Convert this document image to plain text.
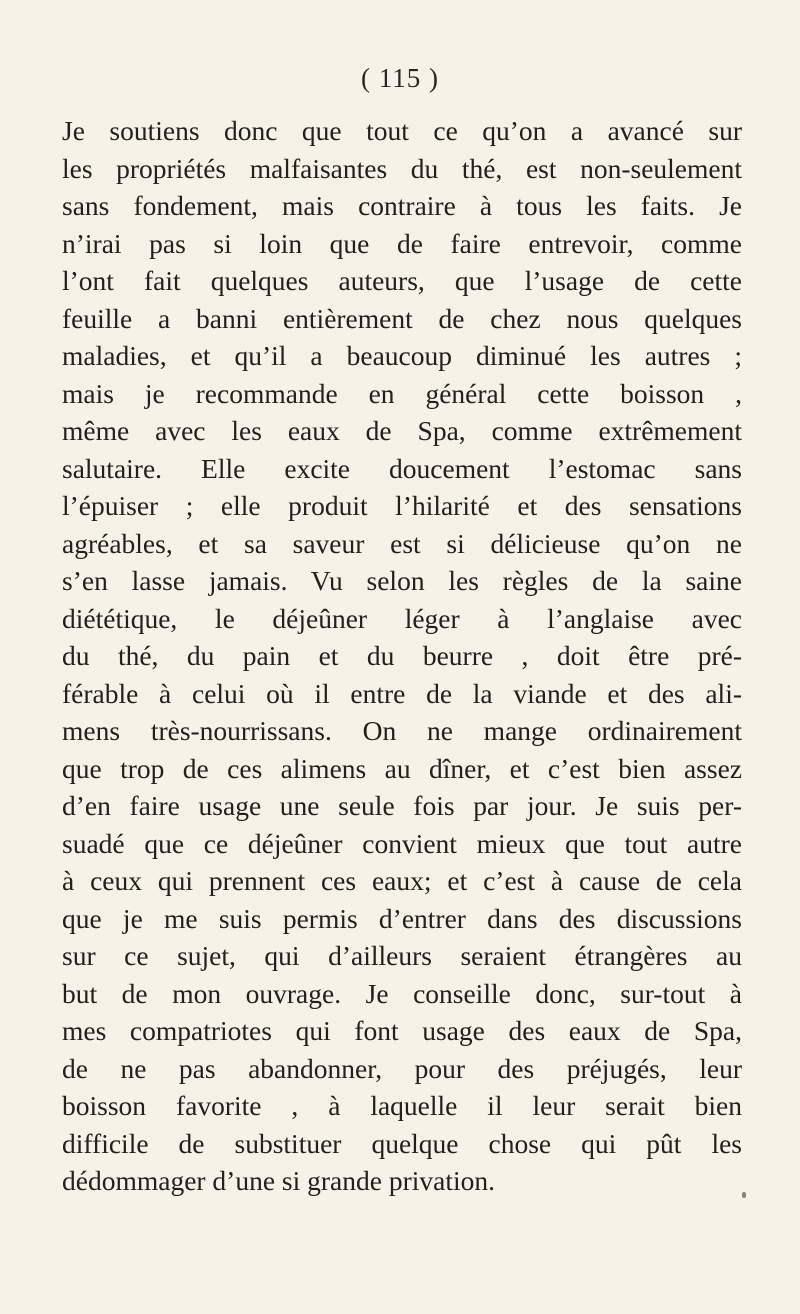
( 115 )
Je soutiens donc que tout ce qu’on a avancé sur
les propriétés malfaisantes du thé, est non-seulement
sans fondement, mais contraire à tous les faits. Je
n’irai pas si loin que de faire entrevoir, comme
l’ont fait quelques auteurs, que l’usage de cette
feuille a banni entièrement de chez nous quelques
maladies, et qu’il a beaucoup diminué les autres ;
mais je recommande en général cette boisson ,
même avec les eaux de Spa, comme extrêmement
salutaire. Elle excite doucement l’estomac sans
l’épuiser ; elle produit l’hilarité et des sensations
agréables, et sa saveur est si délicieuse qu’on ne
s’en lasse jamais. Vu selon les règles de la saine
diététique, le déjeûner léger à l’anglaise avec
du thé, du pain et du beurre , doit être pré-
férable à celui où il entre de la viande et des ali-
mens très-nourrissans. On ne mange ordinairement
que trop de ces alimens au dîner, et c’est bien assez
d’en faire usage une seule fois par jour. Je suis per-
suadé que ce déjeûner convient mieux que tout autre
à ceux qui prennent ces eaux; et c’est à cause de cela
que je me suis permis d’entrer dans des discussions
sur ce sujet, qui d’ailleurs seraient étrangères au
but de mon ouvrage. Je conseille donc, sur-tout à
mes compatriotes qui font usage des eaux de Spa,
de ne pas abandonner, pour des préjugés, leur
boisson favorite , à laquelle il leur serait bien
difficile de substituer quelque chose qui pût les
dédommager d’une si grande privation.
